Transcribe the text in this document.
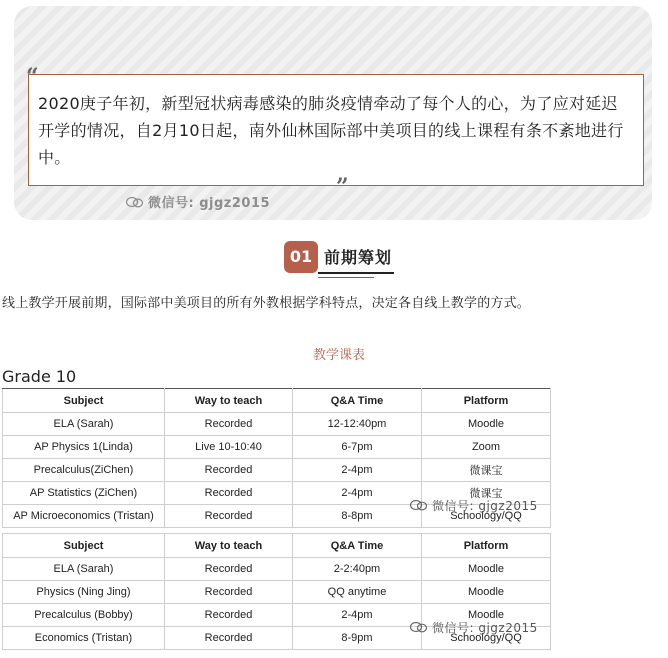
“
2020庚子年初，新型冠状病毒感染的肺炎疫情牵动了每个人的心，为了应对延迟开学的情况，自2月10日起，南外仙林国际部中美项目的线上课程有条不紊地进行中。
”
微信号: gjgz2015
01 前期筹划
线上教学开展前期，国际部中美项目的所有外教根据学科特点，决定各自线上教学的方式。
教学课表
Grade 10
Subject	Way to teach	Q&A Time	Platform
ELA (Sarah)	Recorded	12-12:40pm	Moodle
AP Physics 1(Linda)	Live 10-10:40	6-7pm	Zoom
Precalculus(ZiChen)	Recorded	2-4pm	微课宝
AP Statistics (ZiChen)	Recorded	2-4pm	微课宝
AP Microeconomics (Tristan)	Recorded	8-8pm	Schoology/QQ
Subject	Way to teach	Q&A Time	Platform
ELA (Sarah)	Recorded	2-2:40pm	Moodle
Physics (Ning Jing)	Recorded	QQ anytime	Moodle
Precalculus (Bobby)	Recorded	2-4pm	Moodle
Economics (Tristan)	Recorded	8-9pm	Schoology/QQ
微信号: gjgz2015
微信号: gjgz2015
